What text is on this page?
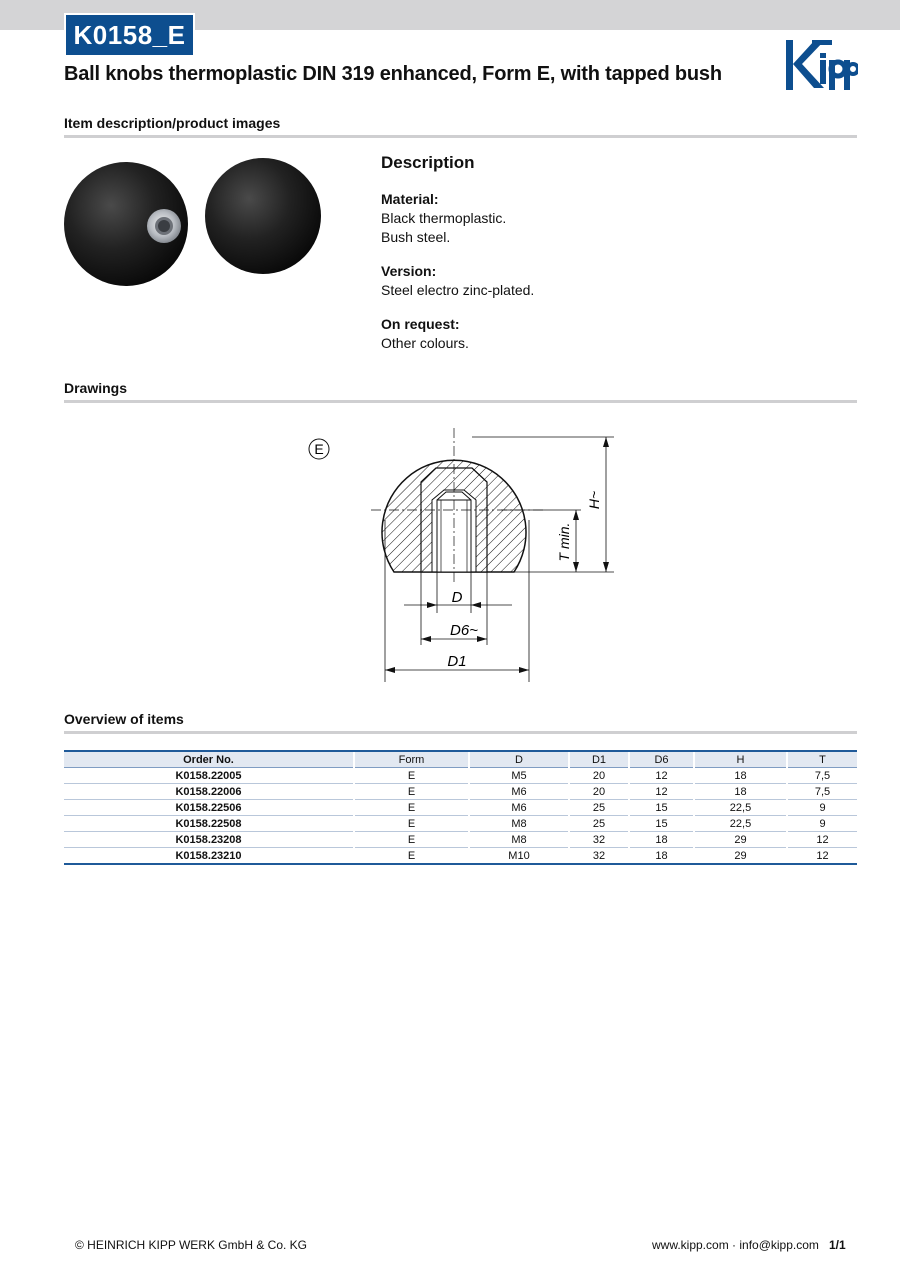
K0158_E
Ball knobs thermoplastic DIN 319 enhanced, Form E, with tapped bush
Item description/product images
Description
Material:
Black thermoplastic.
Bush steel.
Version:
Steel electro zinc-plated.
On request:
Other colours.
Drawings
E
H~
T min.
D
D6~
D1
Overview of items
Order No.	Form	D	D1	D6	H	T
K0158.22005	E	M5	20	12	18	7,5
K0158.22006	E	M6	20	12	18	7,5
K0158.22506	E	M6	25	15	22,5	9
K0158.22508	E	M8	25	15	22,5	9
K0158.23208	E	M8	32	18	29	12
K0158.23210	E	M10	32	18	29	12
© HEINRICH KIPP WERK GmbH & Co. KG	www.kipp.com · info@kipp.com 1/1
